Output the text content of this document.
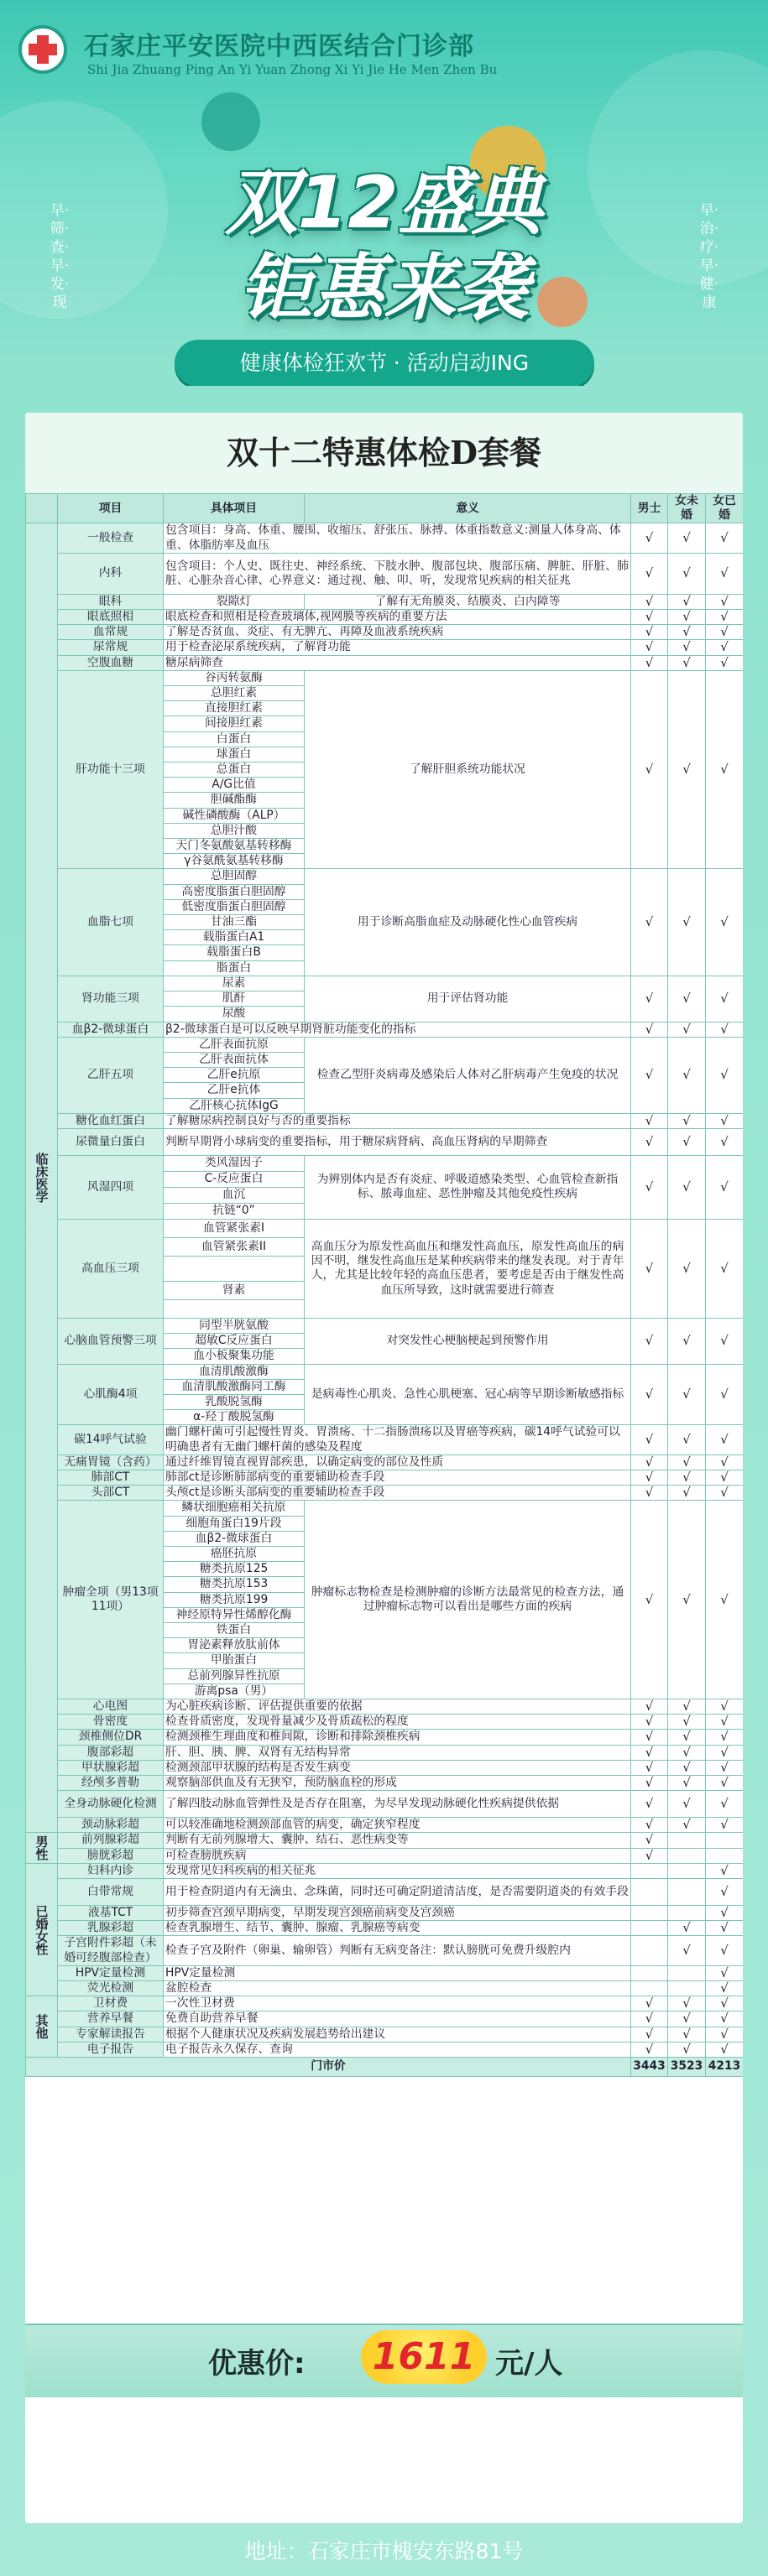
石家庄平安医院中西医结合门诊部
Shi Jia Zhuang Ping An Yi Yuan Zhong Xi Yi Jie He Men Zhen Bu
早·筛·查·早·发·现
早·治·疗·早·健·康
双12盛典
钜惠来袭
健康体检狂欢节 · 活动启动ING
双十二特惠体检D套餐
	项目	具体项目	意义	男士	女未婚	女已婚
临床医学	一般检查	包含项目：身高、体重、腰围、收缩压、舒张压、脉搏、体重指数意义:测量人体身高、体重、体脂肪率及血压		√	√	√
	内科	包含项目：个人史、既往史、神经系统、下肢水肿、腹部包块、腹部压痛、脾脏、肝脏、肺脏、心脏杂音心律、心界意义：通过视、触、叩、听，发现常见疾病的相关征兆		√	√	√
	眼科	裂隙灯	了解有无角膜炎、结膜炎、白内障等	√	√	√
	眼底照相	眼底检查和照相是检查玻璃体,视网膜等疾病的重要方法		√	√	√
	血常规	了解是否贫血、炎症、有无脾亢、再障及血液系统疾病		√	√	√
	尿常规	用于检查泌尿系统疾病，了解肾功能		√	√	√
	空腹血糖	糖尿病筛查		√	√	√
	肝功能十三项	谷丙转氨酶	了解肝胆系统功能状况	√	√	√
		总胆红素				
		直接胆红素				
		间接胆红素				
		白蛋白				
		球蛋白				
		总蛋白				
		A/G比值				
		胆碱酯酶				
		碱性磷酸酶（ALP）				
		总胆汁酸				
		天门冬氨酸氨基转移酶				
		γ谷氨酰氨基转移酶				
	血脂七项	总胆固醇	用于诊断高脂血症及动脉硬化性心血管疾病	√	√	√
		高密度脂蛋白胆固醇				
		低密度脂蛋白胆固醇				
		甘油三酯				
		载脂蛋白A1				
		载脂蛋白B				
		脂蛋白				
	肾功能三项	尿素	用于评估肾功能	√	√	√
		肌酐				
		尿酸				
	血β2-微球蛋白	β2-微球蛋白是可以反映早期肾脏功能变化的指标		√	√	√
	乙肝五项	乙肝表面抗原	检查乙型肝炎病毒及感染后人体对乙肝病毒产生免疫的状况	√	√	√
		乙肝表面抗体				
		乙肝e抗原				
		乙肝e抗体				
		乙肝核心抗体IgG				
	糖化血红蛋白	了解糖尿病控制良好与否的重要指标		√	√	√
	尿微量白蛋白	判断早期肾小球病变的重要指标，用于糖尿病肾病、高血压肾病的早期筛查		√	√	√
	风湿四项	类风湿因子	为辨别体内是否有炎症、呼吸道感染类型、心血管检查新指标、脓毒血症、恶性肿瘤及其他免疫性疾病	√	√	√
		C-反应蛋白				
		血沉				
		抗链“0”				
	高血压三项	血管紧张素Ⅰ	高血压分为原发性高血压和继发性高血压，原发性高血压的病因不明，继发性高血压是某种疾病带来的继发表现。对于青年人，尤其是比较年轻的高血压患者，要考虑是否由于继发性高血压所导致，这时就需要进行筛查	√	√	√
		血管紧张素ⅠⅠ				

		肾素				

	心脑血管预警三项	同型半胱氨酸	对突发性心梗脑梗起到预警作用	√	√	√
		超敏C反应蛋白				
		血小板聚集功能				
	心肌酶4项	血清肌酸激酶	是病毒性心肌炎、急性心肌梗塞、冠心病等早期诊断敏感指标	√	√	√
		血清肌酸激酶同工酶				
		乳酸脱氢酶				
		α-羟丁酸脱氢酶				
	碳14呼气试验	幽门螺杆菌可引起慢性胃炎、胃溃疡、十二指肠溃疡以及胃癌等疾病，碳14呼气试验可以明确患者有无幽门螺杆菌的感染及程度		√	√	√
	无痛胃镜（含药）	通过纤维胃镜直视胃部疾患，以确定病变的部位及性质		√	√	√
	肺部CT	肺部ct是诊断肺部病变的重要辅助检查手段		√	√	√
	头部CT	头颅ct是诊断头部病变的重要辅助检查手段		√	√	√
	肿瘤全项（男13项11项）	鳞状细胞癌相关抗原	肿瘤标志物检查是检测肿瘤的诊断方法最常见的检查方法，通过肿瘤标志物可以看出是哪些方面的疾病	√	√	√
		细胞角蛋白19片段				
		血β2-微球蛋白				
		癌胚抗原				
		糖类抗原125				
		糖类抗原153				
		糖类抗原199				
		神经原特异性烯醇化酶				
		铁蛋白				
		胃泌素释放肽前体				
		甲胎蛋白				
		总前列腺异性抗原				
		游离psa（男）				
	心电图	为心脏疾病诊断、评估提供重要的依据		√	√	√
	骨密度	检查骨质密度，发现骨量减少及骨质疏松的程度		√	√	√
	颈椎侧位DR	检测颈椎生理曲度和椎间隙，诊断和排除颈椎疾病		√	√	√
	腹部彩超	肝、胆、胰、脾、双肾有无结构异常		√	√	√
	甲状腺彩超	检测颈部甲状腺的结构是否发生病变		√	√	√
	经颅多普勒	观察脑部供血及有无狭窄，预防脑血栓的形成		√	√	√
	全身动脉硬化检测	了解四肢动脉血管弹性及是否存在阻塞，为尽早发现动脉硬化性疾病提供依据		√	√	√
	颈动脉彩超	可以较准确地检测颈部血管的病变，确定狭窄程度		√	√	√
男性	前列腺彩超	判断有无前列腺增大、囊肿、结石、恶性病变等		√		
	膀胱彩超	可检查膀胱疾病		√		
已婚女性	妇科内诊	发现常见妇科疾病的相关征兆				√
	白带常规	用于检查阴道内有无滴虫、念珠菌，同时还可确定阴道清洁度，是否需要阴道炎的有效手段				√
	液基TCT	初步筛查宫颈早期病变，早期发现宫颈癌前病变及宫颈癌				√
	乳腺彩超	检查乳腺增生、结节、囊肿、腺瘤、乳腺癌等病变			√	√
	子宫附件彩超（未婚可经腹部检查）	检查子宫及附件（卵巢、输卵管）判断有无病变备注：默认膀胱可免费升级腔内			√	√
	HPV定量检测	HPV定量检测				√
	荧光检测	盆腔检查				√
其他	卫材费	一次性卫材费		√	√	√
	营养早餐	免费自助营养早餐		√	√	√
	专家解读报告	根据个人健康状况及疾病发展趋势给出建议		√	√	√
	电子报告	电子报告永久保存、查询		√	√	√
门市价				3443	3523	4213
优惠价:	1611 元/人
地址：石家庄市槐安东路81号
